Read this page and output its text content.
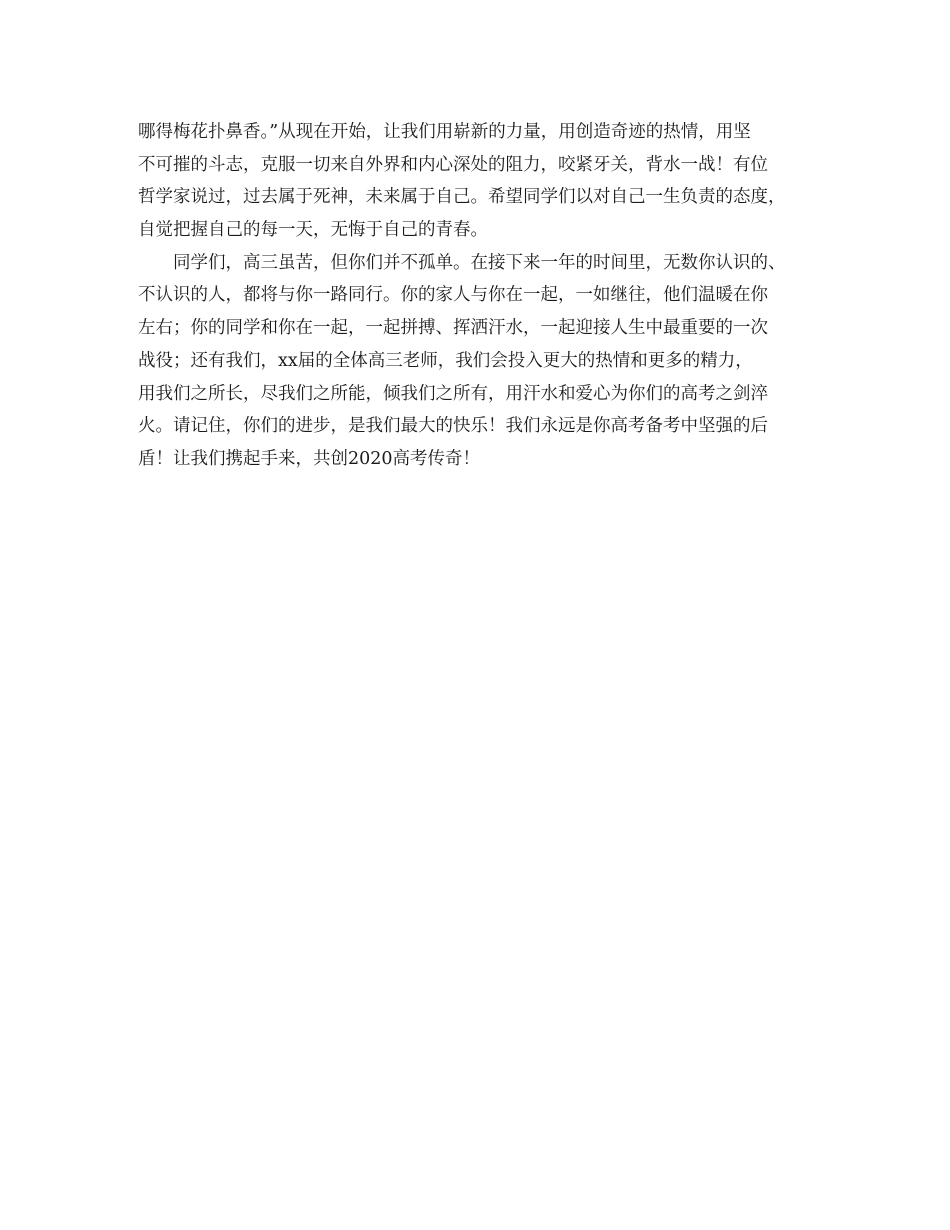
哪得梅花扑鼻香。”从现在开始，让我们用崭新的力量，用创造奇迹的热情，用坚
不可摧的斗志，克服一切来自外界和内心深处的阻力，咬紧牙关，背水一战！有位
哲学家说过，过去属于死神，未来属于自己。希望同学们以对自己一生负责的态度，
自觉把握自己的每一天，无悔于自己的青春。
同学们，高三虽苦，但你们并不孤单。在接下来一年的时间里，无数你认识的、
不认识的人，都将与你一路同行。你的家人与你在一起，一如继往，他们温暖在你
左右；你的同学和你在一起，一起拼搏、挥洒汗水，一起迎接人生中最重要的一次
战役；还有我们，xx届的全体高三老师，我们会投入更大的热情和更多的精力，
用我们之所长，尽我们之所能，倾我们之所有，用汗水和爱心为你们的高考之剑淬
火。请记住，你们的进步，是我们最大的快乐！我们永远是你高考备考中坚强的后
盾！让我们携起手来，共创2020高考传奇！
